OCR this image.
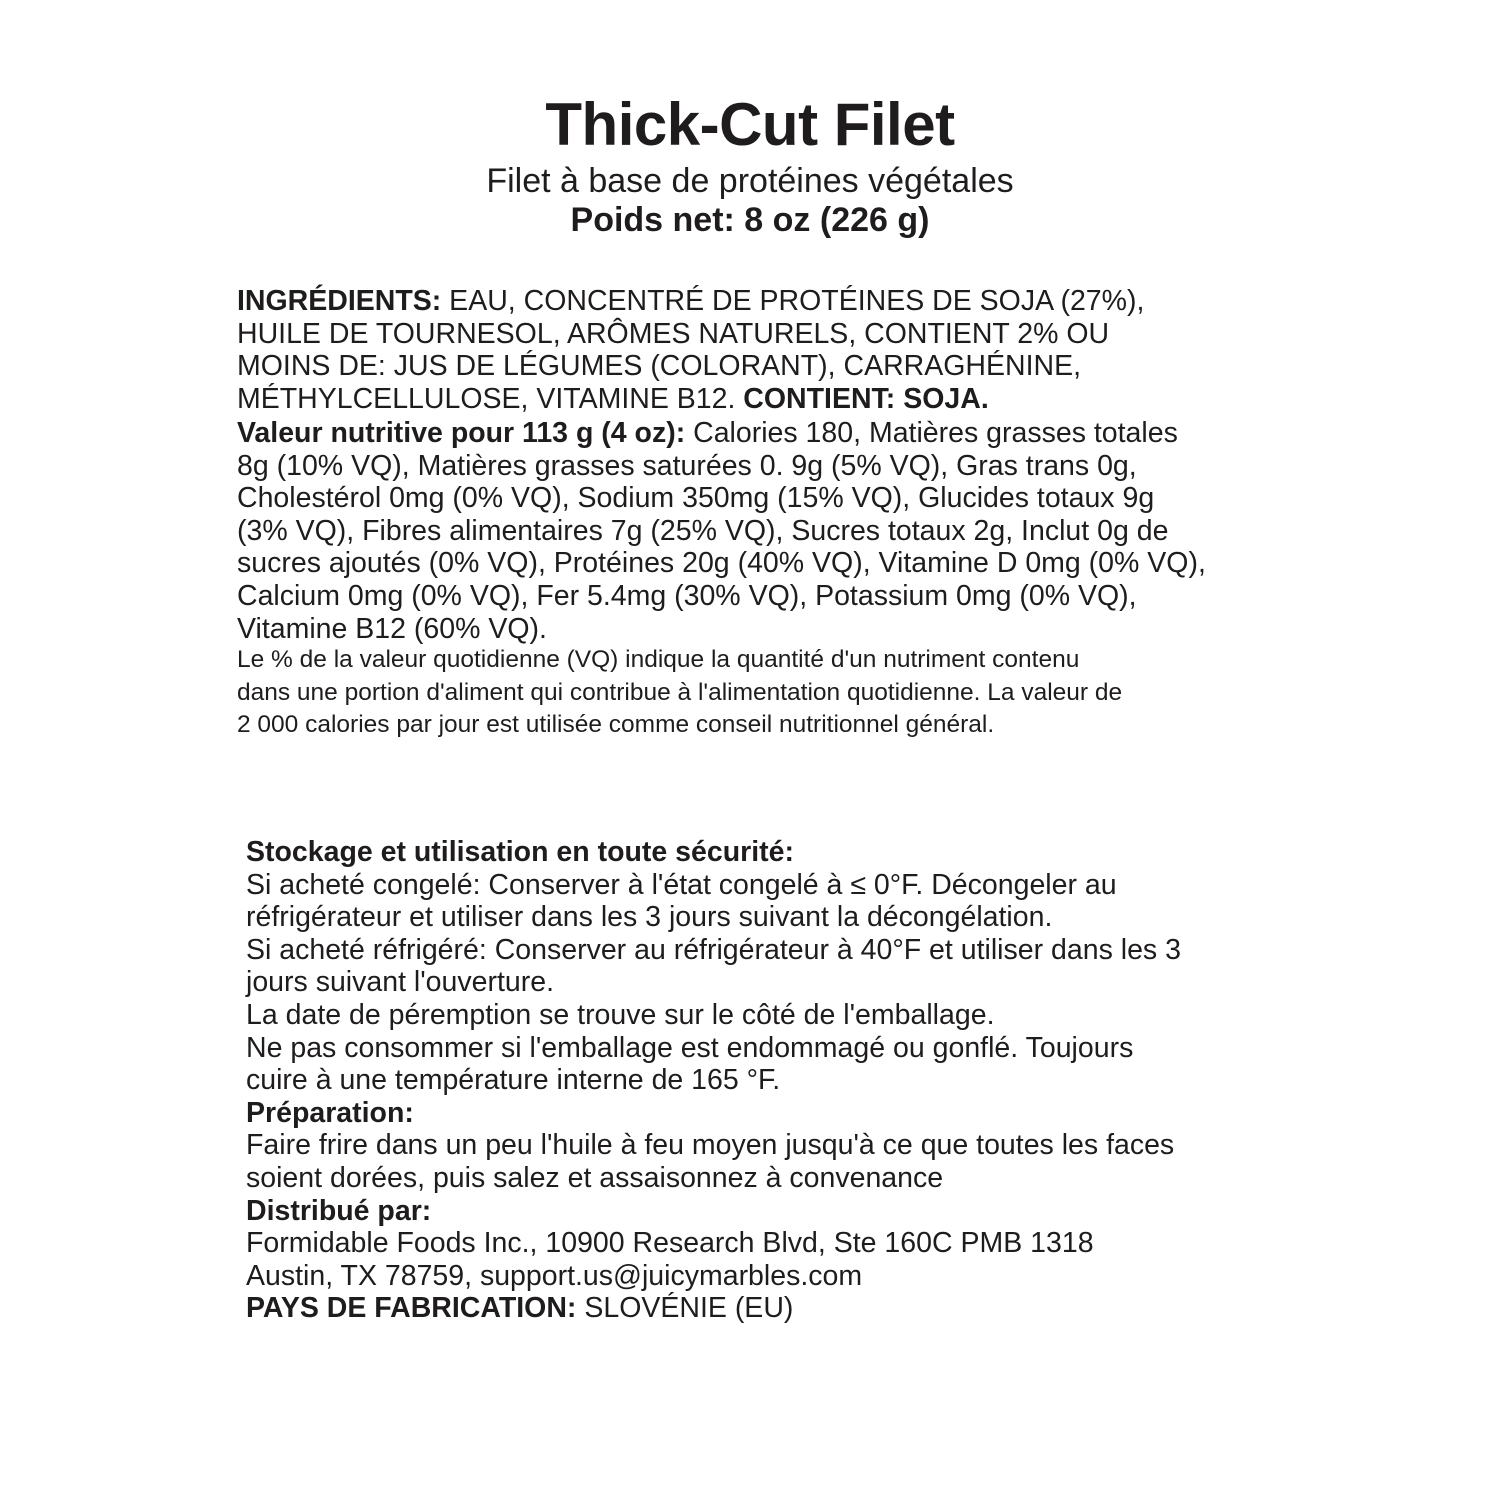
Thick-Cut Filet

Filet à base de protéines végétales

Poids net: 8 oz (226 g)

INGRÉDIENTS: EAU, CONCENTRÉ DE PROTÉINES DE SOJA (27%),
HUILE DE TOURNESOL, ARÔMES NATURELS, CONTIENT 2% OU
MOINS DE: JUS DE LÉGUMES (COLORANT), CARRAGHÉNINE,
MÉTHYLCELLULOSE, VITAMINE B12. CONTIENT: SOJA.
Valeur nutritive pour 113 g (4 oz): Calories 180, Matières grasses totales
8g (10% VQ), Matières grasses saturées 0. 9g (5% VQ), Gras trans 0g,
Cholestérol 0mg (0% VQ), Sodium 350mg (15% VQ), Glucides totaux 9g
(3% VQ), Fibres alimentaires 7g (25% VQ), Sucres totaux 2g, Inclut 0g de
sucres ajoutés (0% VQ), Protéines 20g (40% VQ), Vitamine D 0mg (0% VQ),
Calcium 0mg (0% VQ), Fer 5.4mg (30% VQ), Potassium 0mg (0% VQ),
Vitamine B12 (60% VQ).
Le % de la valeur quotidienne (VQ) indique la quantité d'un nutriment contenu
dans une portion d'aliment qui contribue à l'alimentation quotidienne. La valeur de
2 000 calories par jour est utilisée comme conseil nutritionnel général.

Stockage et utilisation en toute sécurité:

Si acheté congelé: Conserver à l'état congelé à ≤ 0°F. Décongeler au
réfrigérateur et utiliser dans les 3 jours suivant la décongélation.

Si acheté réfrigéré: Conserver au réfrigérateur à 40°F et utiliser dans les 3
jours suivant l'ouverture.

La date de péremption se trouve sur le côté de l'emballage.

Ne pas consommer si l'emballage est endommagé ou gonflé. Toujours
cuire à une température interne de 165 °F.

Préparation:

Faire frire dans un peu l'huile à feu moyen jusqu'à ce que toutes les faces
soient dorées, puis salez et assaisonnez à convenance

Distribué par:

Formidable Foods Inc., 10900 Research Blvd, Ste 160C PMB 1318
Austin, TX 78759, support.us@juicymarbles.com

PAYS DE FABRICATION: SLOVÉNIE (EU)
